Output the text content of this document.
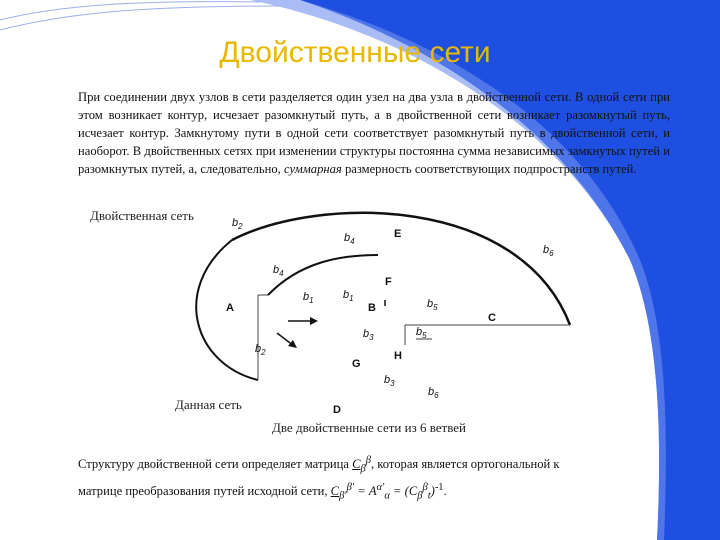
Двойственные сети

При соединении двух узлов в сети разделяется один узел на два узла в двойственной сети. В одной сети при этом возникает контур, исчезает разомкнутый путь, а в двойственной сети возникает разомкнутый путь, исчезает контур. Замкнутому пути в одной сети соответствует разомкнутый путь в двойственной сети, и наоборот. В двойственных сетях при изменении структуры постоянна сумма независимых замкнутых путей и разомкнутых путей, а, следовательно, суммарная размерность соответствующих подпространств путей.

Двойственная сеть
Данная сеть
Две двойственные сети из 6 ветвей
$b_2$
$b_4$
$b_4$
$b_1$	$b_1$
$b_6$
$b_5$
$b_3$	$b_5$
$b_2$
$b_3$
$b_6$
A	B
C
D
E
F
G
H

Структуру двойственной сети определяет матрица $C_\beta^\beta$, которая является ортогональной к
матрице преобразования путей исходной сети, $C_{\beta'}^{\beta'} = A^{\alpha'}_\alpha = (C_\beta^\beta_t)^{-1}$.
